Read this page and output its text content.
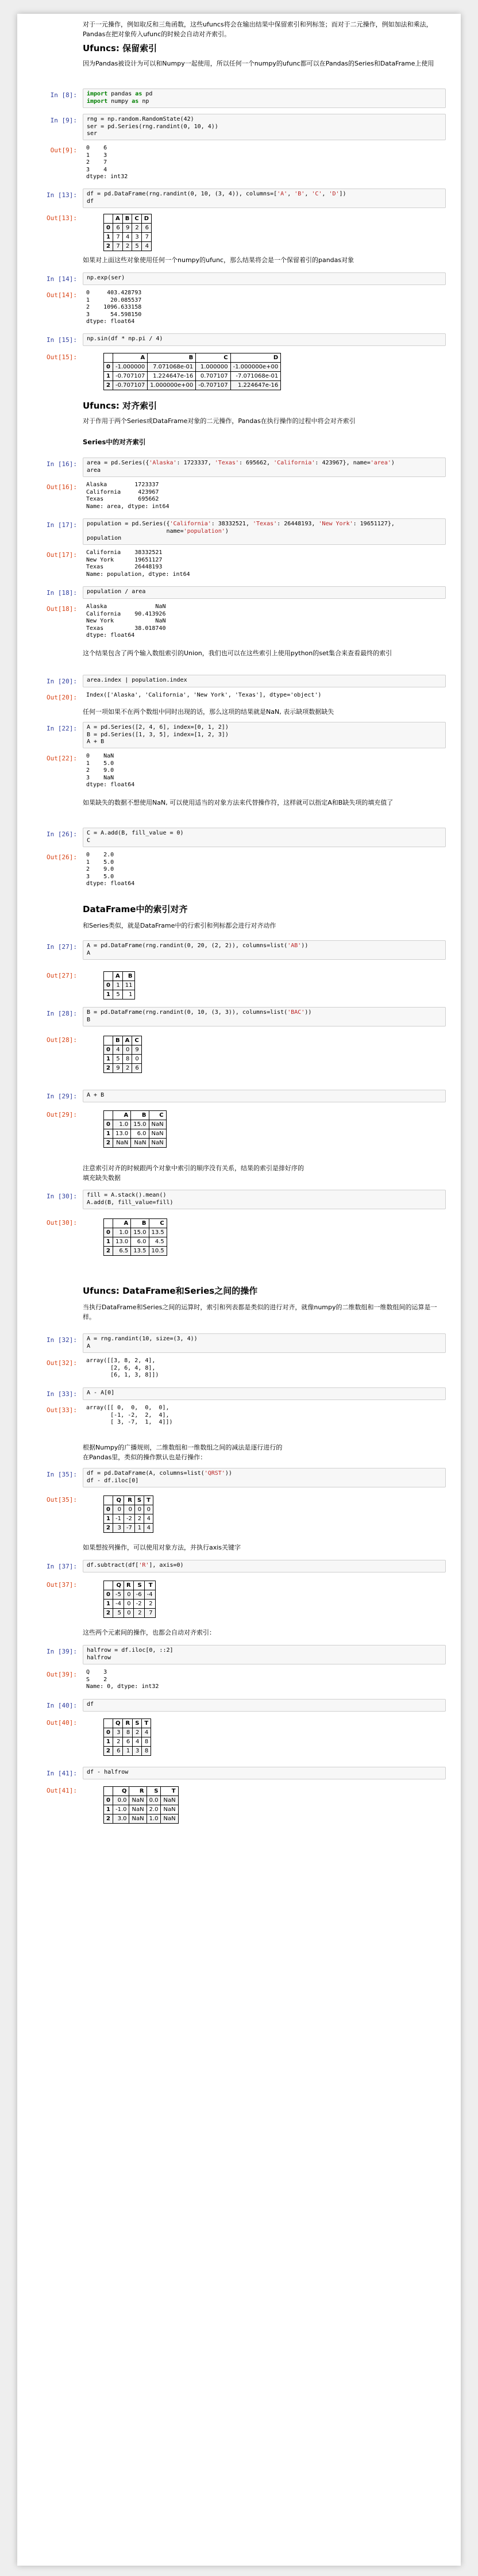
对于一元操作，例如取反和三角函数，这些ufuncs将会在输出结果中保留索引和列标签；而对于二元操作，例如加法和乘法，Pandas在把对象传入ufunc的时候会自动对齐索引。

Ufuncs: 保留索引

因为Pandas被设计为可以和Numpy一起使用，所以任何一个numpy的ufunc都可以在Pandas的Series和DataFrame上使用

In [8]:	import pandas as pd
import numpy as np
In [9]:	rng = np.random.RandomState(42)
ser = pd.Series(rng.randint(0, 10, 4))
ser
Out[9]:	0    6
1    3
2    7
3    4
dtype: int32
In [13]:	df = pd.DataFrame(rng.randint(0, 10, (3, 4)), columns=['A', 'B', 'C', 'D'])
df
Out[13]:
		A	B	C	D
0	6	9	2	6
1	7	4	3	7
2	7	2	5	4

如果对上面这些对象使用任何一个numpy的ufunc，那么结果将会是一个保留着引的pandas对象

In [14]:	np.exp(ser)
Out[14]:	0     403.428793
1      20.085537
2    1096.633158
3      54.598150
dtype: float64
In [15]:	np.sin(df * np.pi / 4)
Out[15]:
		A	B	C	D
0	-1.000000	7.071068e-01	1.000000	-1.000000e+00
1	-0.707107	1.224647e-16	0.707107	-7.071068e-01
2	-0.707107	1.000000e+00	-0.707107	1.224647e-16
Ufuncs: 对齐索引

对于作用于两个Series或DataFrame对象的二元操作，Pandas在执行操作的过程中将会对齐索引

Series中的对齐索引
In [16]:	area = pd.Series({'Alaska': 1723337, 'Texas': 695662, 'California': 423967}, name='area')
area
Out[16]:	Alaska        1723337
California     423967
Texas          695662
Name: area, dtype: int64
In [17]:	population = pd.Series({'California': 38332521, 'Texas': 26448193, 'New York': 19651127},
name='population')
population
Out[17]:	California    38332521
New York      19651127
Texas         26448193
Name: population, dtype: int64
In [18]:	population / area
Out[18]:	Alaska              NaN
California    90.413926
New York            NaN
Texas         38.018740
dtype: float64

这个结果包含了两个输入数组索引的Union，我们也可以在这些索引上使用python的set集合来查看最终的索引

In [20]:	area.index | population.index
Out[20]:	Index(['Alaska', 'California', 'New York', 'Texas'], dtype='object')

任何一项如果不在两个数组中同时出现的话，那么这项的结果就是NaN, 表示缺项数据缺失

In [22]:	A = pd.Series([2, 4, 6], index=[0, 1, 2])
B = pd.Series([1, 3, 5], index=[1, 2, 3])
A + B
Out[22]:	0    NaN
1    5.0
2    9.0
3    NaN
dtype: float64

如果缺失的数据不想使用NaN, 可以使用适当的对象方法来代替操作符，这样就可以指定A和B缺失项的填充值了

In [26]:	C = A.add(B, fill_value = 0)
C
Out[26]:	0    2.0
1    5.0
2    9.0
3    5.0
dtype: float64
DataFrame中的索引对齐

和Series类似，就是DataFrame中的行索引和列标都会进行对齐动作

In [27]:	A = pd.DataFrame(rng.randint(0, 20, (2, 2)), columns=list('AB'))
A
Out[27]:
		A	B
0	1	11
1	5	1
In [28]:	B = pd.DataFrame(rng.randint(0, 10, (3, 3)), columns=list('BAC'))
B
Out[28]:
		B	A	C
0	4	0	9
1	5	8	0
2	9	2	6
In [29]:	A + B
Out[29]:
		A	B	C
0	1.0	15.0	NaN
1	13.0	6.0	NaN
2	NaN	NaN	NaN

注意索引对齐的时候跟两个对象中索引的顺序没有关系，结果的索引是排好序的

填充缺失数据

In [30]:	fill = A.stack().mean()
A.add(B, fill_value=fill)
Out[30]:
		A	B	C
0	1.0	15.0	13.5
1	13.0	6.0	4.5
2	6.5	13.5	10.5
Ufuncs: DataFrame和Series之间的操作

当执行DataFrame和Series之间的运算时，索引和列表都是类似的进行对齐，就像numpy的二维数组和一维数组间的运算是一样。

In [32]:	A = rng.randint(10, size=(3, 4))
A
Out[32]:	array([[3, 8, 2, 4],
[2, 6, 4, 8],
[6, 1, 3, 8]])
In [33]:	A - A[0]
Out[33]:	array([[ 0,  0,  0,  0],
[-1, -2,  2,  4],
[ 3, -7,  1,  4]])

根据Numpy的广播规则，二维数组和一维数组之间的减法是逐行进行的

在Pandas里，类似的操作默认也是行操作：

In [35]:	df = pd.DataFrame(A, columns=list('QRST'))
df - df.iloc[0]
Out[35]:
		Q	R	S	T
0	0	0	0	0
1	-1	-2	2	4
2	3	-7	1	4

如果想按列操作，可以使用对象方法，并执行axis关键字

In [37]:	df.subtract(df['R'], axis=0)
Out[37]:
		Q	R	S	T
0	-5	0	-6	-4
1	-4	0	-2	2
2	5	0	2	7

这些两个元素间的操作，也都会自动对齐索引：

In [39]:	halfrow = df.iloc[0, ::2]
halfrow
Out[39]:	Q    3
S    2
Name: 0, dtype: int32
In [40]:	df
Out[40]:
		Q	R	S	T
0	3	8	2	4
1	2	6	4	8
2	6	1	3	8
In [41]:	df - halfrow
Out[41]:
		Q	R	S	T
0	0.0	NaN	0.0	NaN
1	-1.0	NaN	2.0	NaN
2	3.0	NaN	1.0	NaN
